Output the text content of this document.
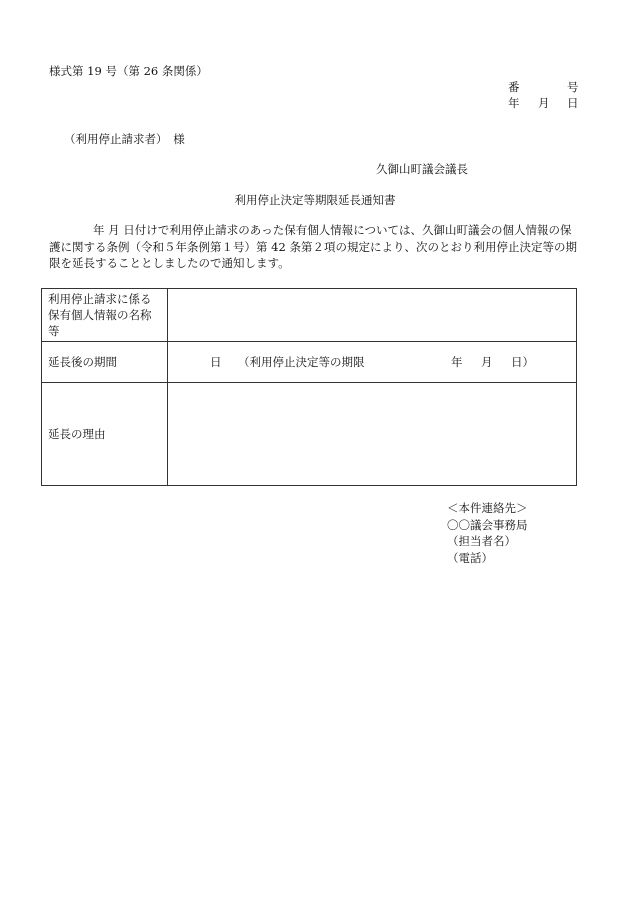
様式第 19 号（第 26 条関係）
番	号
年 月 日
（利用停止請求者）　様
久御山町議会議長
利用停止決定等期限延長通知書
年 月 日付けで利用停止請求のあった保有個人情報については、久御山町議会の個人情報の保護に関する条例（令和５年条例第１号）第 42 条第２項の規定により、次のとおり利用停止決定等の期限を延長することとしましたので通知します。
利用停止請求に係る保有個人情報の名称等	
延長後の期間	日 （利用停止決定等の期限 年 月 日）
延長の理由	
＜本件連絡先＞
〇〇議会事務局
（担当者名）
（電話）
